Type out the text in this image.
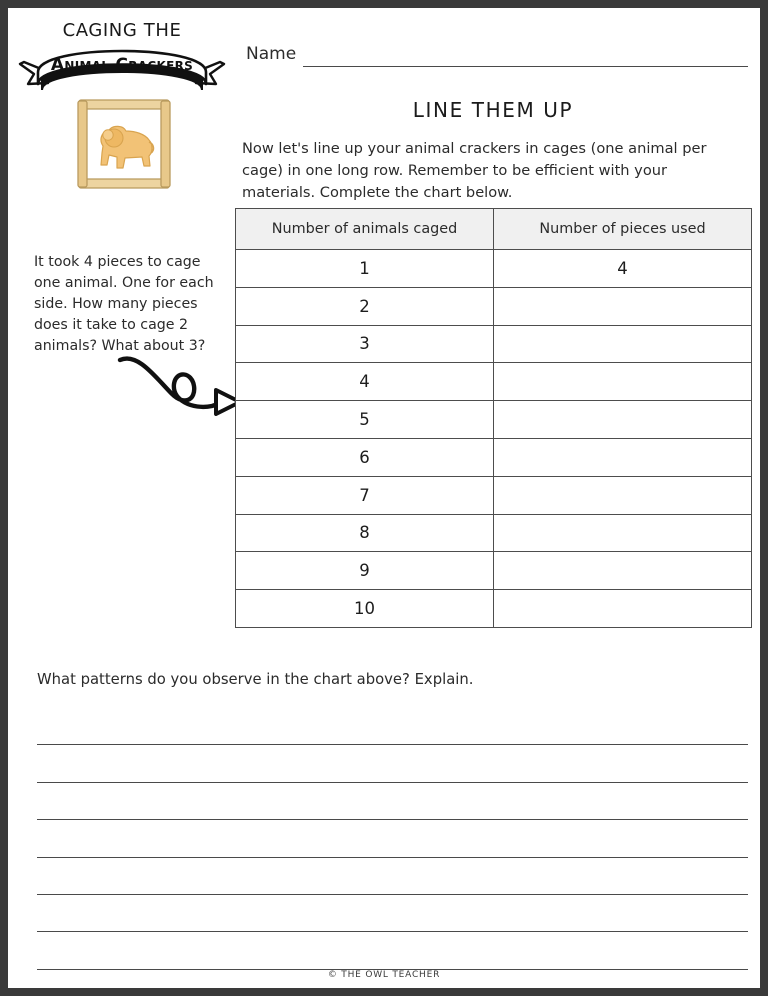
CAGING THE
Animal Crackers
Name
LINE THEM UP
Now let's line up your animal crackers in cages (one animal per cage) in one long row. Remember to be efficient with your materials. Complete the chart below.
It took 4 pieces to cage one animal. One for each side. How many pieces does it take to cage 2 animals? What about 3?
Number of animals caged	Number of pieces used
1	4
2	
3	
4	
5	
6	
7	
8	
9	
10	
What patterns do you observe in the chart above? Explain.
© THE OWL TEACHER
